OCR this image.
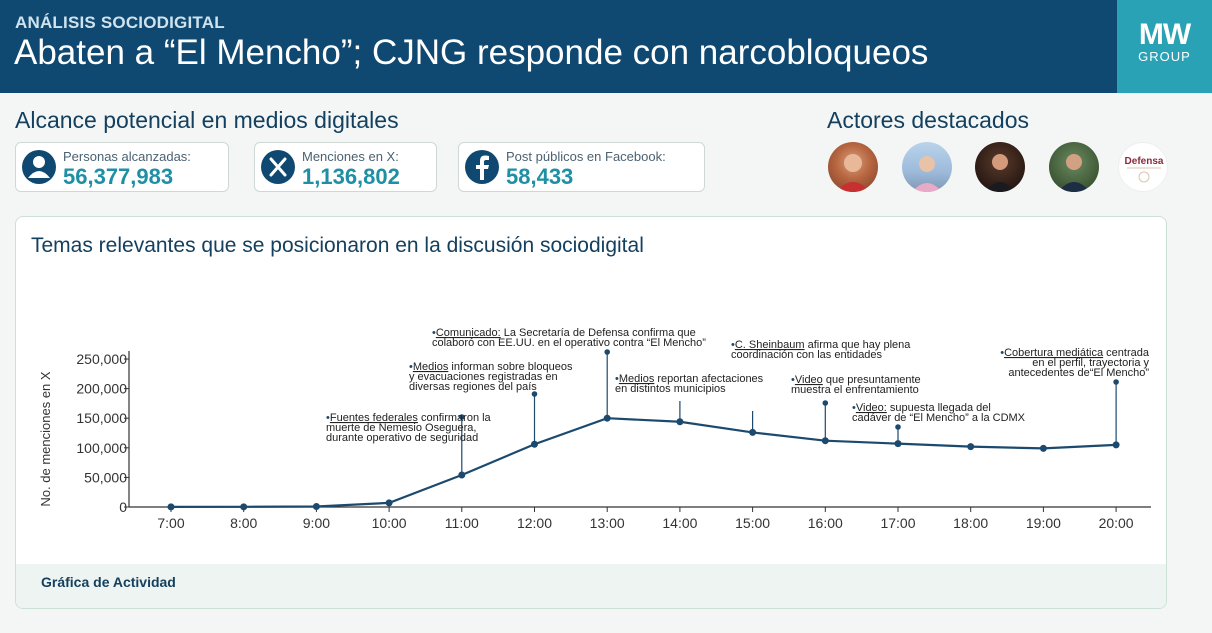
ANÁLISIS SOCIODIGITAL
Abaten a “El Mencho”; CJNG responde con narcobloqueos	MW
GROUP
Alcance potencial en medios digitales	Actores destacados
Personas alcanzadas:
56,377,983
Menciones en X:
1,136,802
Post públicos en Facebook:
58,433
Defensa
Temas relevantes que se posicionaron en la discusión sociodigital
No. de menciones en X
0
50,000
100,000
150,000
200,000
250,000
7:00	8:00	9:00	10:00	11:00	12:00	13:00	14:00	15:00	16:00	17:00	18:00	19:00	20:00
•Fuentes federales confirmaron la
muerte de Nemesio Oseguera,
durante operativo de seguridad
•Medios informan sobre bloqueos
y evacuaciones registradas en
diversas regiones del país
•Comunicado: La Secretaría de Defensa confirma que
colaboró con EE.UU. en el operativo contra “El Mencho”
•Medios reportan afectaciones
en distintos municipios
•C. Sheinbaum afirma que hay plena
coordinación con las entidades
•Video que presuntamente
muestra el enfrentamiento
•Video: supuesta llegada del
cadáver de “El Mencho” a la CDMX
•Cobertura mediática centrada
en el perfil, trayectoria y
antecedentes de“El Mencho”
Gráfica de Actividad
